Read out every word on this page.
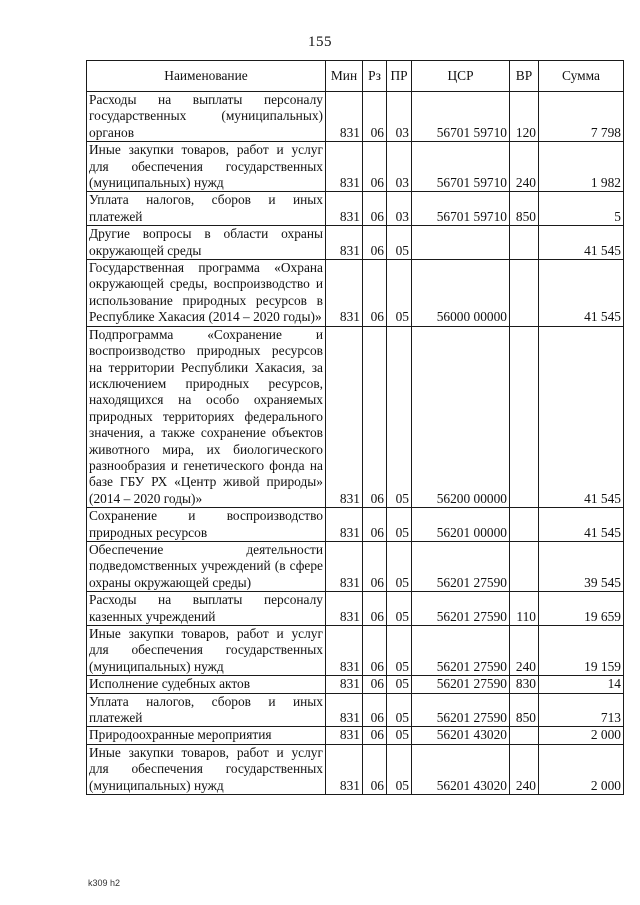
155
Наименование	Мин	Рз	ПР	ЦСР	ВР	Сумма
Расходы на выплаты персоналу государственных (муниципальных) органов	831	06	03	56701 59710	120	7 798
Иные закупки товаров, работ и услуг для обеспечения государственных (муниципальных) нужд	831	06	03	56701 59710	240	1 982
Уплата налогов, сборов и иных платежей	831	06	03	56701 59710	850	5
Другие вопросы в области охраны окружающей среды	831	06	05			41 545
Государственная программа «Охрана окружающей среды, воспроизводство и использование природных ресурсов в Республике Хакасия (2014 – 2020 годы)»	831	06	05	56000 00000		41 545
Подпрограмма «Сохранение и воспроизводство природных ресурсов на территории Республики Хакасия, за исключением природных ресурсов, находящихся на особо охраняемых природных территориях федерального значения, а также сохранение объектов животного мира, их биологического разнообразия и генетического фонда на базе ГБУ РХ «Центр живой природы» (2014 – 2020 годы)»	831	06	05	56200 00000		41 545
Сохранение и воспроизводство природных ресурсов	831	06	05	56201 00000		41 545
Обеспечение деятельности подведомственных учреждений (в сфере охраны окружающей среды)	831	06	05	56201 27590		39 545
Расходы на выплаты персоналу казенных учреждений	831	06	05	56201 27590	110	19 659
Иные закупки товаров, работ и услуг для обеспечения государственных (муниципальных) нужд	831	06	05	56201 27590	240	19 159
Исполнение судебных актов	831	06	05	56201 27590	830	14
Уплата налогов, сборов и иных платежей	831	06	05	56201 27590	850	713
Природоохранные мероприятия	831	06	05	56201 43020		2 000
Иные закупки товаров, работ и услуг для обеспечения государственных (муниципальных) нужд	831	06	05	56201 43020	240	2 000
k309 h2
